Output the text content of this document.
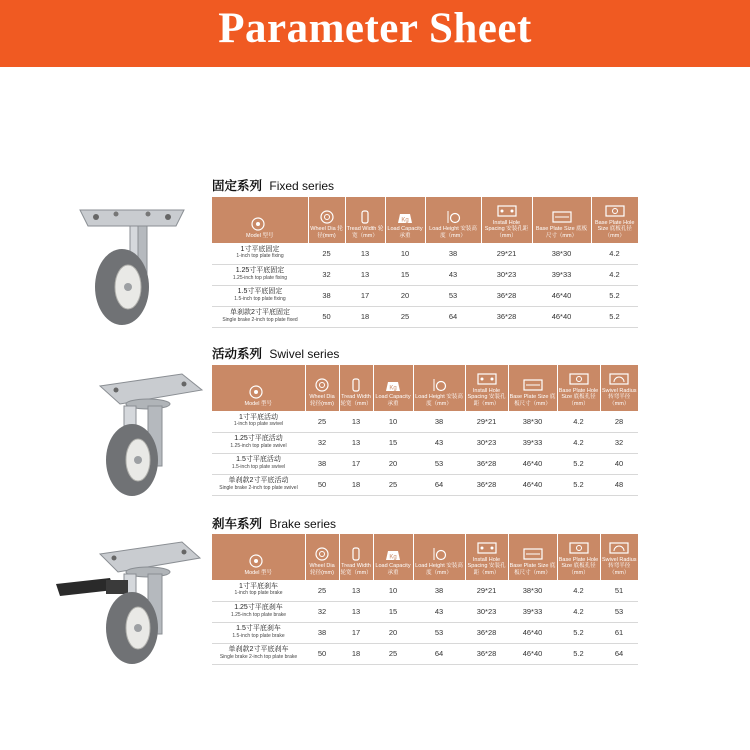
Parameter Sheet
固定系列 Fixed series
Model 型号	Wheel Dia 轮径(mm)	Tread Width 轮宽（mm）	Kg
Load Capacity 承重	Load Height 安装高度（mm）	Install Hole Spacing 安装孔距（mm）	Base Plate Size 底板尺寸（mm）	Base Plate Hole Size 底板孔径（mm）

1寸平底固定
1-inch top plate fixing	25	13	10	38	29*21	38*30	4.2

1.25寸平底固定
1.25-inch top plate fixing	32	13	15	43	30*23	39*33	4.2

1.5寸平底固定
1.5-inch top plate fixing	38	17	20	53	36*28	46*40	5.2

单刹款2寸平底固定
Single brake 2-inch top plate fixed	50	18	25	64	36*28	46*40	5.2
活动系列 Swivel series
Model 型号	Wheel Dia 轮径(mm)	Tread Width 轮宽（mm）	Kg
Load Capacity 承重	Load Height 安装高度（mm）	Install Hole Spacing 安装孔距（mm）	Base Plate Size 底板尺寸（mm）	Base Plate Hole Size 底板孔径（mm）	Swivel Radius 转弯半径（mm）

1寸平底活动
1-inch top plate swivel	25	13	10	38	29*21	38*30	4.2	28

1.25寸平底活动
1.25-inch top plate swivel	32	13	15	43	30*23	39*33	4.2	32

1.5寸平底活动
1.5-inch top plate swivel	38	17	20	53	36*28	46*40	5.2	40

单刹款2寸平底活动
Single brake 2-inch top plate swivel	50	18	25	64	36*28	46*40	5.2	48
刹车系列 Brake series
Model 型号	Wheel Dia 轮径(mm)	Tread Width 轮宽（mm）	Kg
Load Capacity 承重	Load Height 安装高度（mm）	Install Hole Spacing 安装孔距（mm）	Base Plate Size 底板尺寸（mm）	Base Plate Hole Size 底板孔径（mm）	Swivel Radius 转弯半径（mm）

1寸平底刹车
1-inch top plate brake	25	13	10	38	29*21	38*30	4.2	51

1.25寸平底刹车
1.25-inch top plate brake	32	13	15	43	30*23	39*33	4.2	53

1.5寸平底刹车
1.5-inch top plate brake	38	17	20	53	36*28	46*40	5.2	61

单刹款2寸平底刹车
Single brake 2-inch top plate brake	50	18	25	64	36*28	46*40	5.2	64
